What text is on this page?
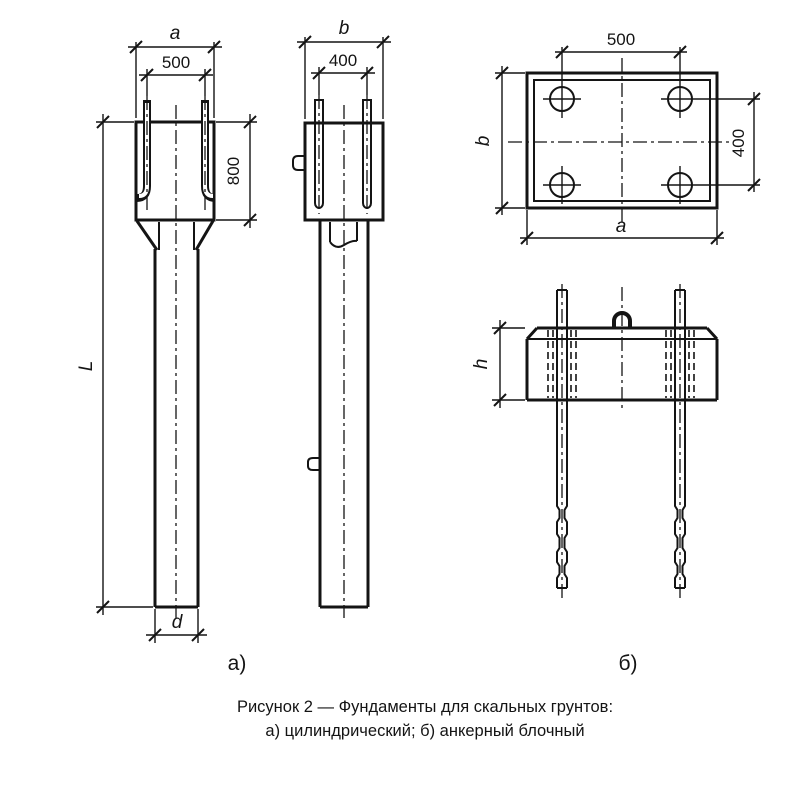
a
500
800
L
d
b
400
500
400
b
a
h
а)	б)
Рисунок 2 — Фундаменты для скальных грунтов:
а) цилиндрический; б) анкерный блочный
